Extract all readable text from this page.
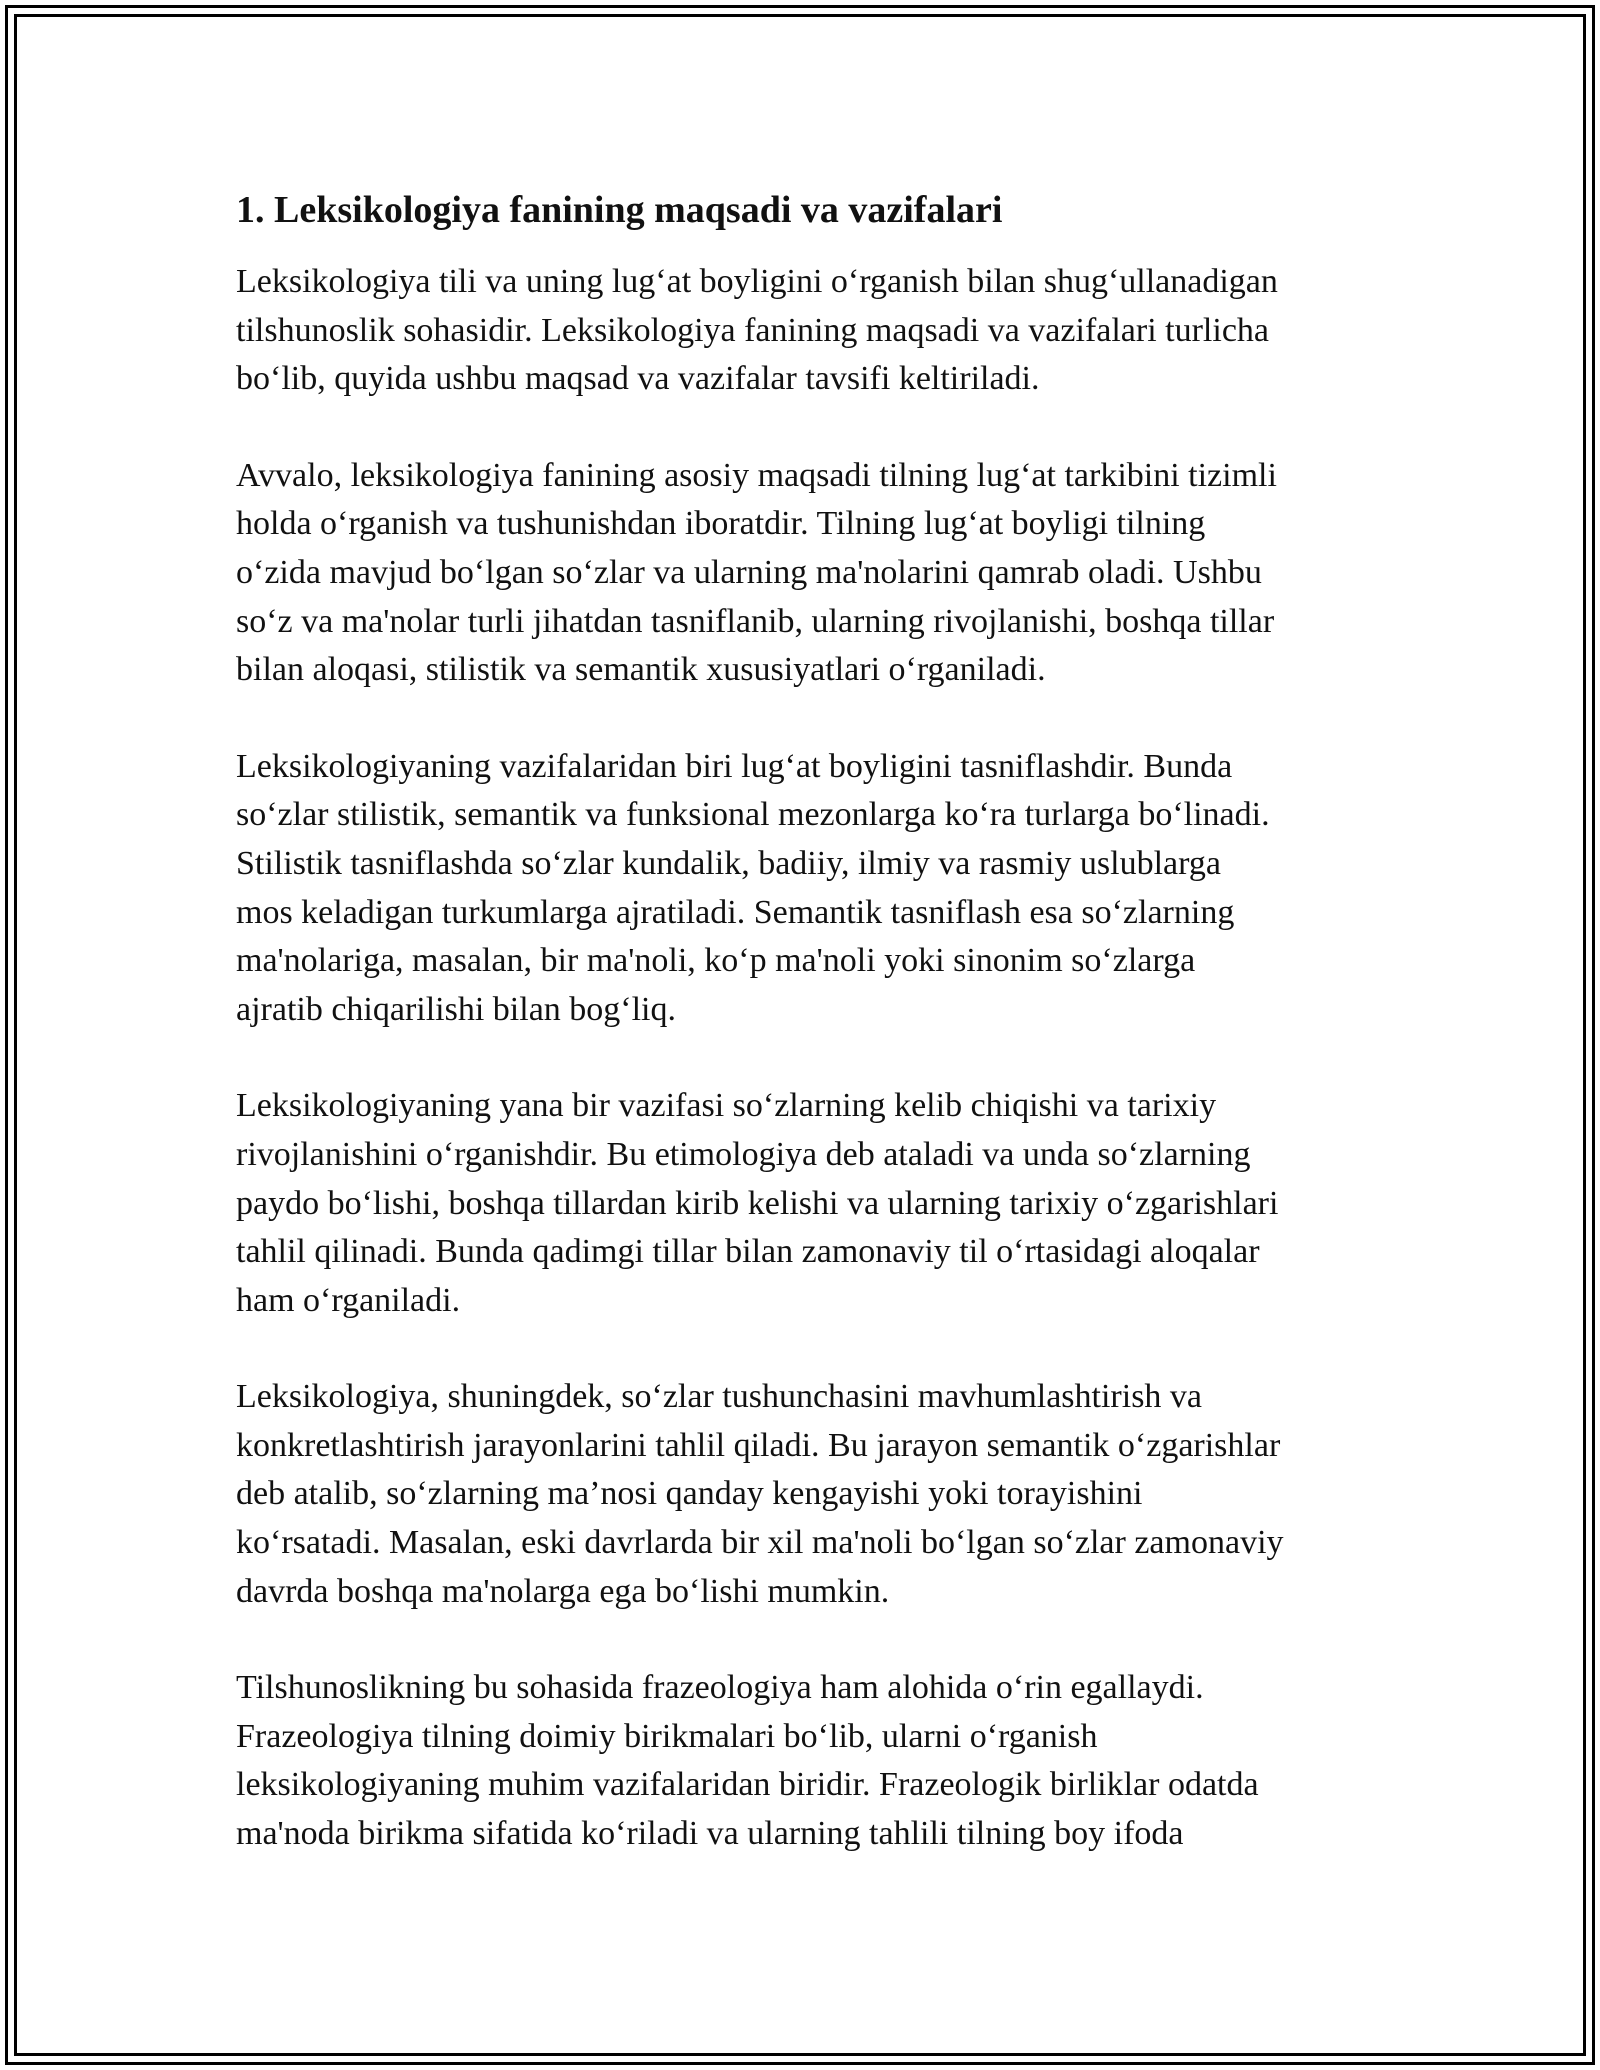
1. Leksikologiya fanining maqsadi va vazifalari

Leksikologiya tili va uning lug‘at boyligini o‘rganish bilan shug‘ullanadigan
tilshunoslik sohasidir. Leksikologiya fanining maqsadi va vazifalari turlicha
bo‘lib, quyida ushbu maqsad va vazifalar tavsifi keltiriladi.

Avvalo, leksikologiya fanining asosiy maqsadi tilning lug‘at tarkibini tizimli
holda o‘rganish va tushunishdan iboratdir. Tilning lug‘at boyligi tilning
o‘zida mavjud bo‘lgan so‘zlar va ularning ma'nolarini qamrab oladi. Ushbu
so‘z va ma'nolar turli jihatdan tasniflanib, ularning rivojlanishi, boshqa tillar
bilan aloqasi, stilistik va semantik xususiyatlari o‘rganiladi.

Leksikologiyaning vazifalaridan biri lug‘at boyligini tasniflashdir. Bunda
so‘zlar stilistik, semantik va funksional mezonlarga ko‘ra turlarga bo‘linadi.
Stilistik tasniflashda so‘zlar kundalik, badiiy, ilmiy va rasmiy uslublarga
mos keladigan turkumlarga ajratiladi. Semantik tasniflash esa so‘zlarning
ma'nolariga, masalan, bir ma'noli, ko‘p ma'noli yoki sinonim so‘zlarga
ajratib chiqarilishi bilan bog‘liq.

Leksikologiyaning yana bir vazifasi so‘zlarning kelib chiqishi va tarixiy
rivojlanishini o‘rganishdir. Bu etimologiya deb ataladi va unda so‘zlarning
paydo bo‘lishi, boshqa tillardan kirib kelishi va ularning tarixiy o‘zgarishlari
tahlil qilinadi. Bunda qadimgi tillar bilan zamonaviy til o‘rtasidagi aloqalar
ham o‘rganiladi.

Leksikologiya, shuningdek, so‘zlar tushunchasini mavhumlashtirish va
konkretlashtirish jarayonlarini tahlil qiladi. Bu jarayon semantik o‘zgarishlar
deb atalib, so‘zlarning ma’nosi qanday kengayishi yoki torayishini
ko‘rsatadi. Masalan, eski davrlarda bir xil ma'noli bo‘lgan so‘zlar zamonaviy
davrda boshqa ma'nolarga ega bo‘lishi mumkin.

Tilshunoslikning bu sohasida frazeologiya ham alohida o‘rin egallaydi.
Frazeologiya tilning doimiy birikmalari bo‘lib, ularni o‘rganish
leksikologiyaning muhim vazifalaridan biridir. Frazeologik birliklar odatda
ma'noda birikma sifatida ko‘riladi va ularning tahlili tilning boy ifoda
